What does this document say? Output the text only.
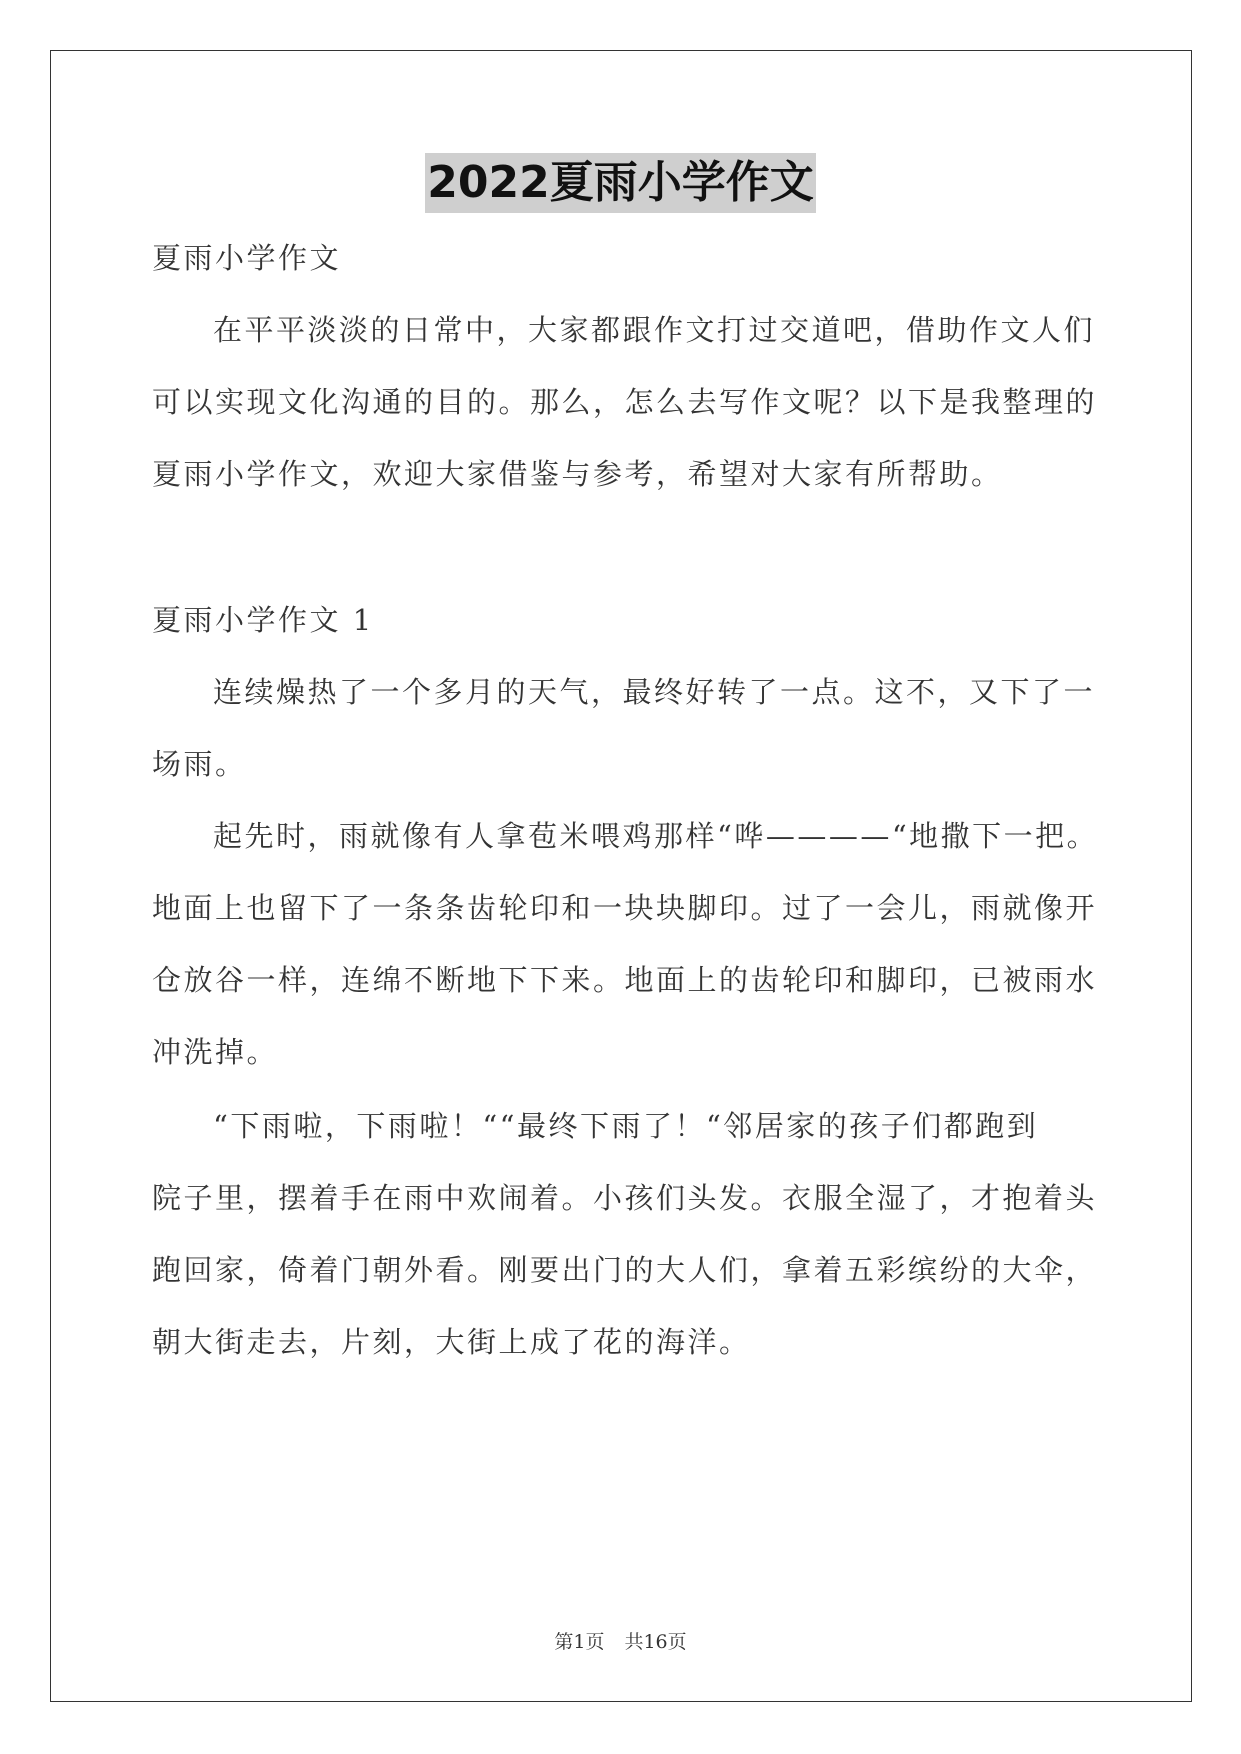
2022夏雨小学作文
夏雨小学作文
在平平淡淡的日常中，大家都跟作文打过交道吧，借助作文人们
可以实现文化沟通的目的。那么，怎么去写作文呢？以下是我整理的
夏雨小学作文，欢迎大家借鉴与参考，希望对大家有所帮助。
夏雨小学作文 1
连续燥热了一个多月的天气，最终好转了一点。这不，又下了一
场雨。
起先时，雨就像有人拿苞米喂鸡那样“哗————“地撒下一把。
地面上也留下了一条条齿轮印和一块块脚印。过了一会儿，雨就像开
仓放谷一样，连绵不断地下下来。地面上的齿轮印和脚印，已被雨水
冲洗掉。
“下雨啦，下雨啦！““最终下雨了！“邻居家的孩子们都跑到
院子里，摆着手在雨中欢闹着。小孩们头发。衣服全湿了，才抱着头
跑回家，倚着门朝外看。刚要出门的大人们，拿着五彩缤纷的大伞，
朝大街走去，片刻，大街上成了花的海洋。
第1页 共16页
